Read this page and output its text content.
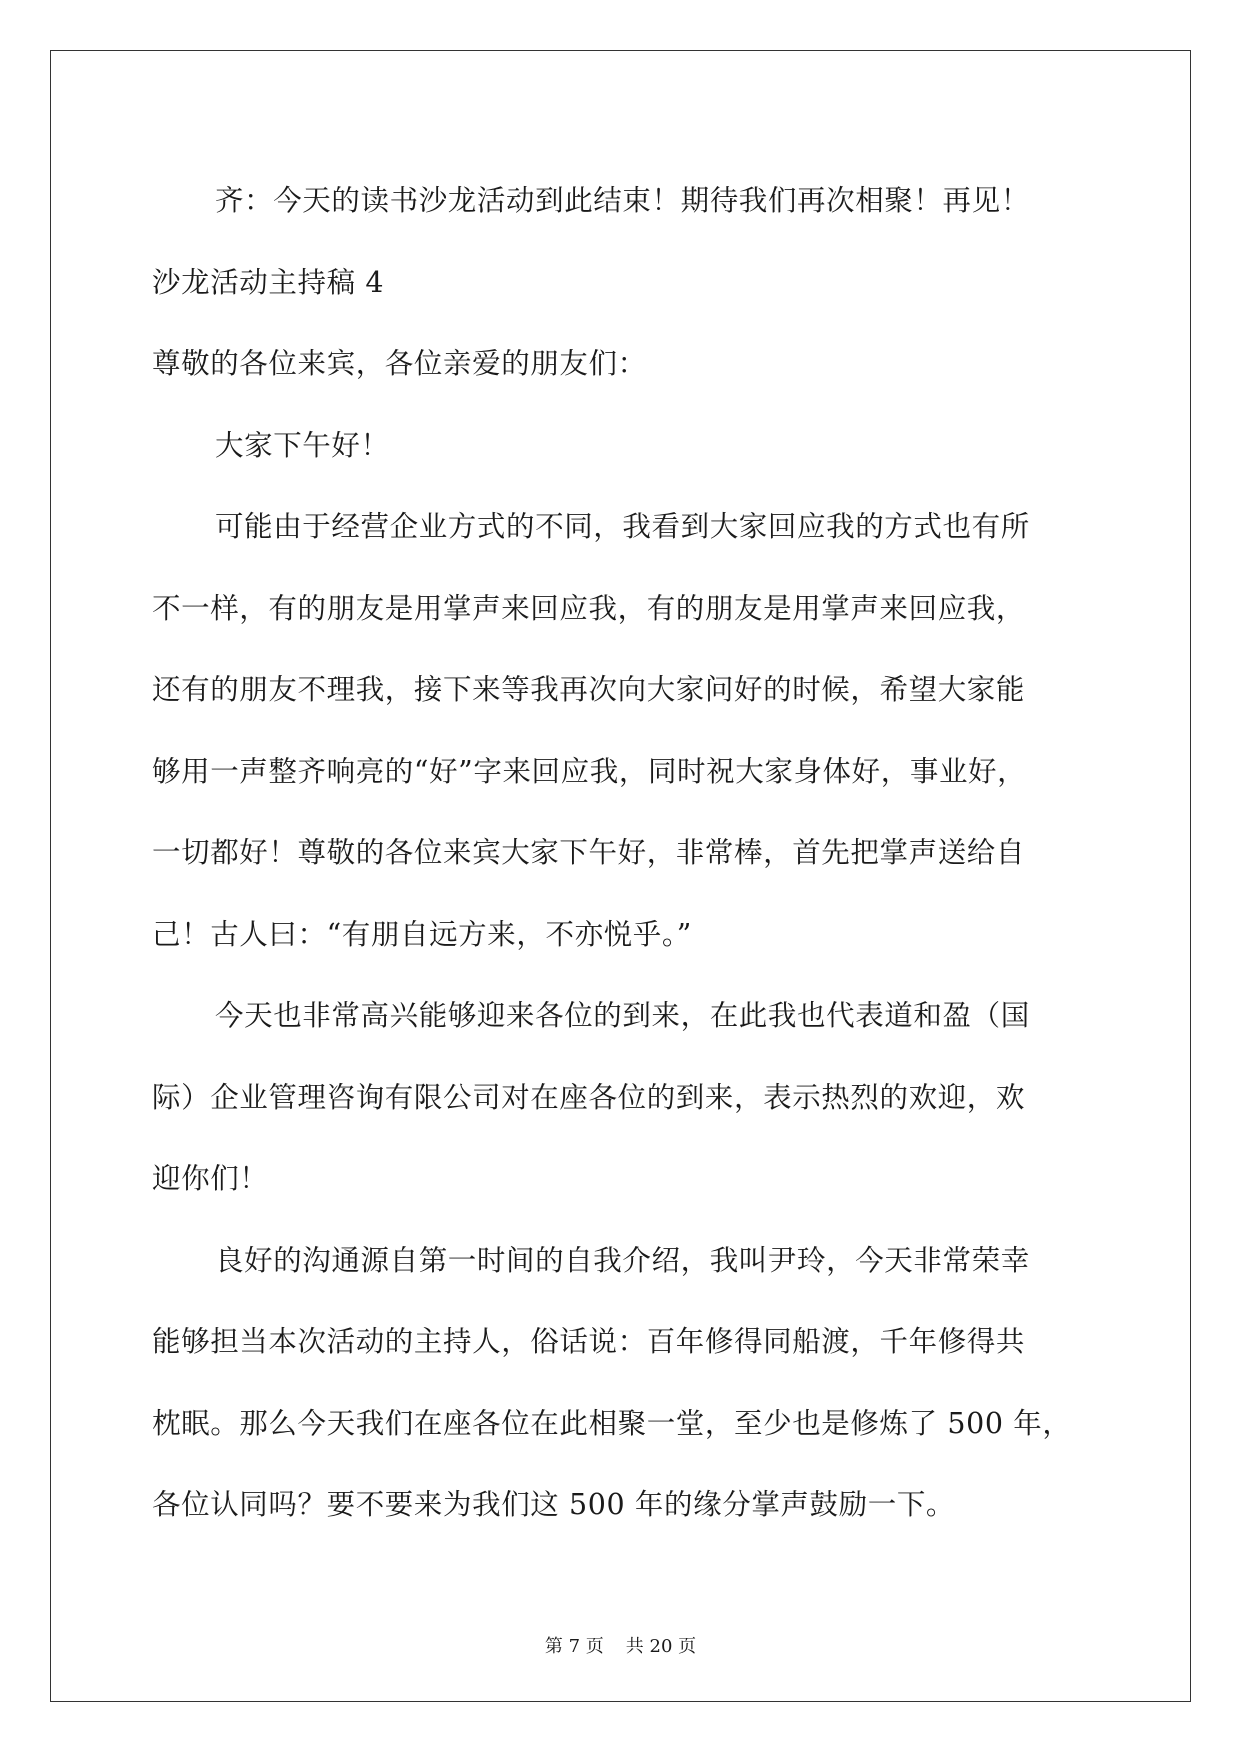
齐：今天的读书沙龙活动到此结束！期待我们再次相聚！再见！
沙龙活动主持稿 4
尊敬的各位来宾，各位亲爱的朋友们：
大家下午好！
可能由于经营企业方式的不同，我看到大家回应我的方式也有所
不一样，有的朋友是用掌声来回应我，有的朋友是用掌声来回应我，
还有的朋友不理我，接下来等我再次向大家问好的时候，希望大家能
够用一声整齐响亮的“好”字来回应我，同时祝大家身体好，事业好，
一切都好！尊敬的各位来宾大家下午好，非常棒，首先把掌声送给自
己！古人曰：“有朋自远方来，不亦悦乎。”
今天也非常高兴能够迎来各位的到来，在此我也代表道和盈（国
际）企业管理咨询有限公司对在座各位的到来，表示热烈的欢迎，欢
迎你们！
良好的沟通源自第一时间的自我介绍，我叫尹玲，今天非常荣幸
能够担当本次活动的主持人，俗话说：百年修得同船渡，千年修得共
枕眠。那么今天我们在座各位在此相聚一堂，至少也是修炼了 500 年，
各位认同吗？要不要来为我们这 500 年的缘分掌声鼓励一下。
第 7 页 共 20 页
